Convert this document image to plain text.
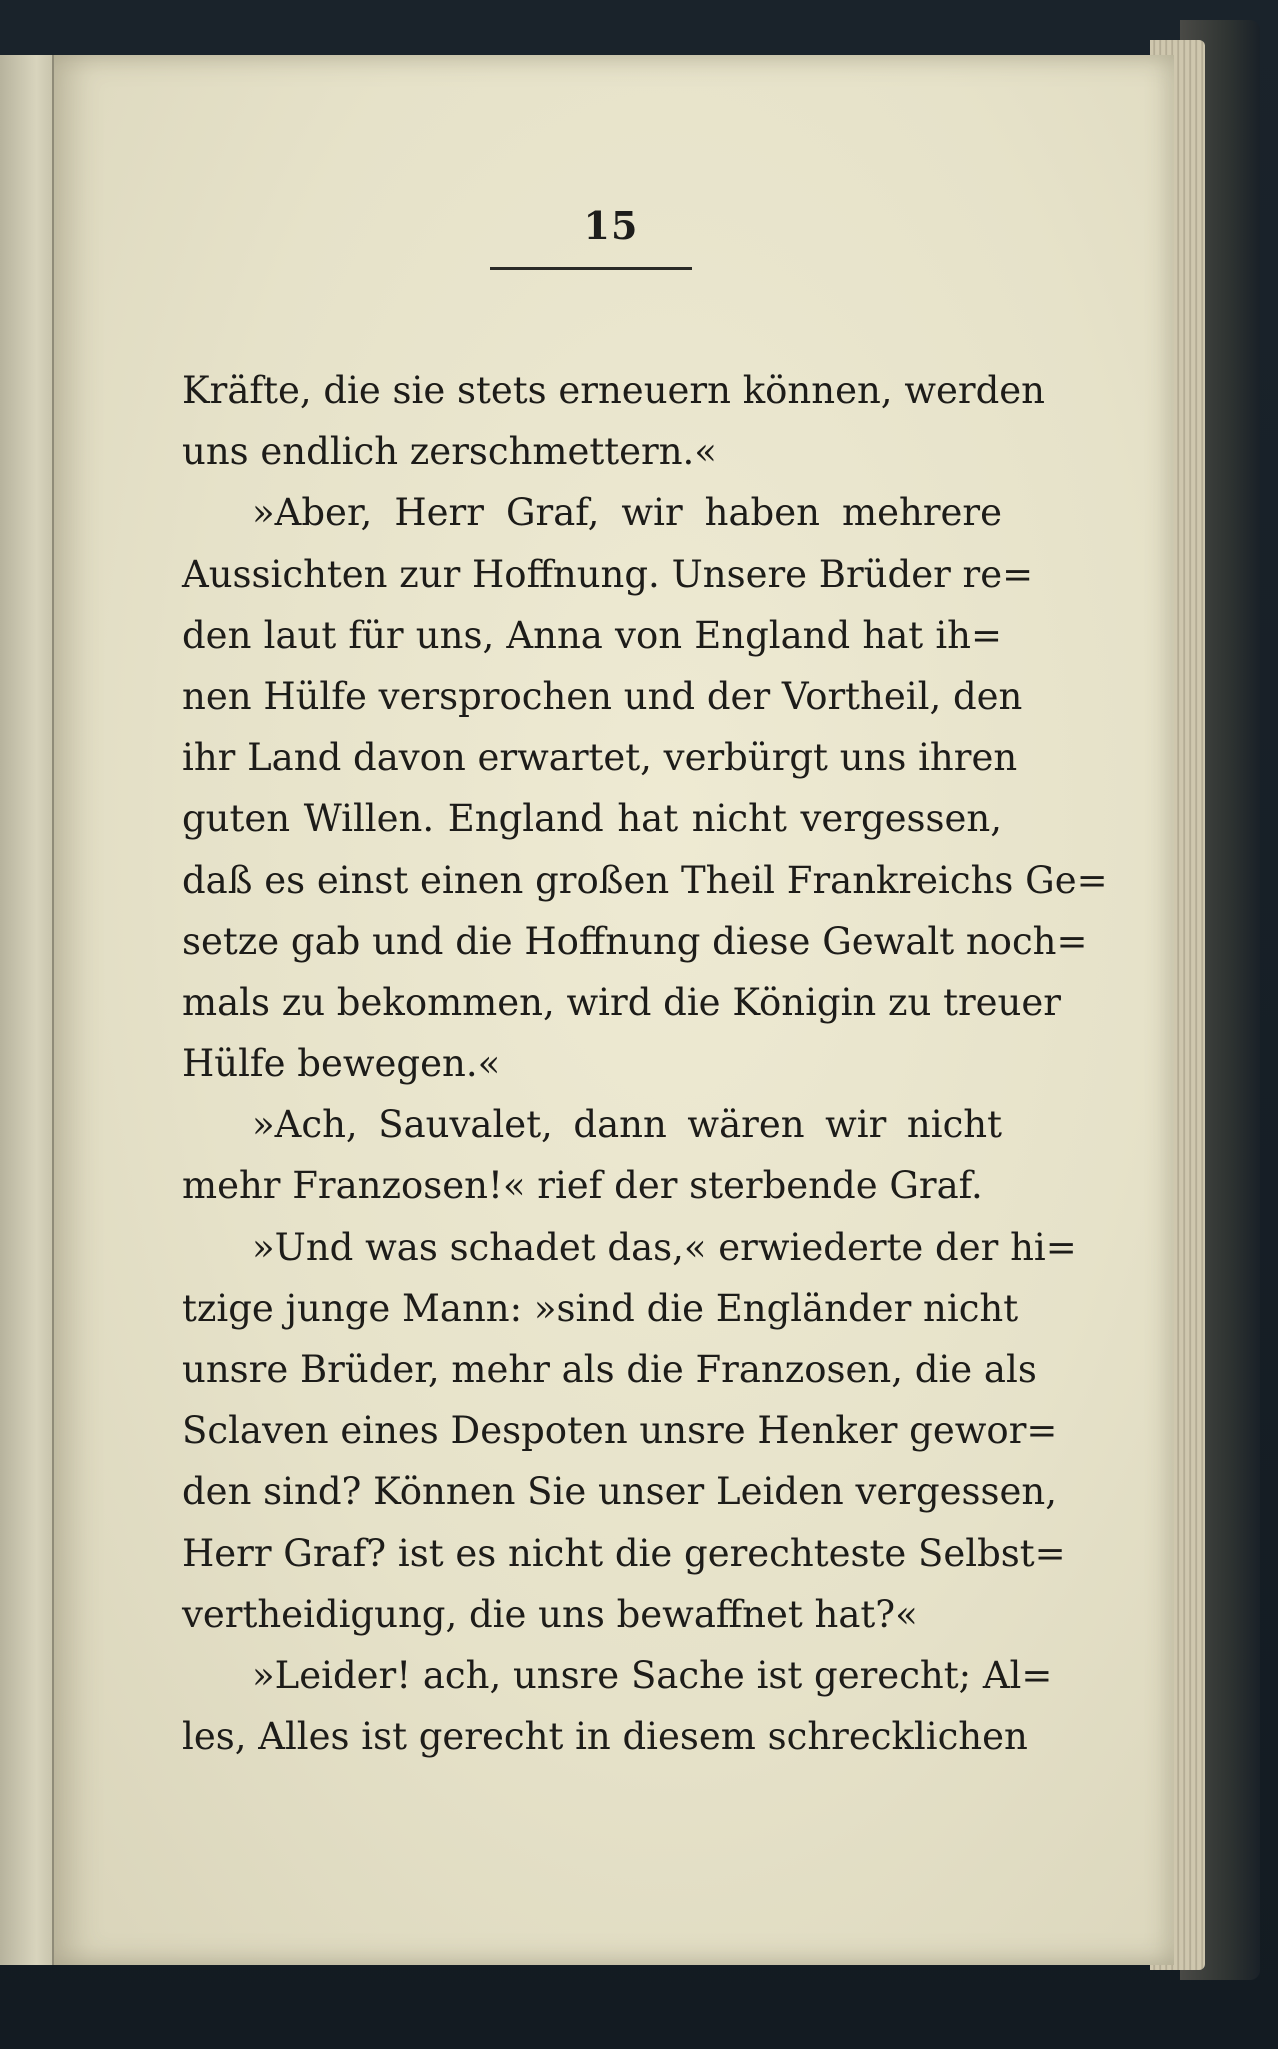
15
Kräfte, die sie stets erneuern können, werden
uns endlich zerschmettern.«
»Aber, Herr Graf, wir haben mehrere
Aussichten zur Hoffnung. Unsere Brüder re=
den laut für uns, Anna von England hat ih=
nen Hülfe versprochen und der Vortheil, den
ihr Land davon erwartet, verbürgt uns ihren
guten Willen. England hat nicht vergessen,
daß es einst einen großen Theil Frankreichs Ge=
setze gab und die Hoffnung diese Gewalt noch=
mals zu bekommen, wird die Königin zu treuer
Hülfe bewegen.«
»Ach, Sauvalet, dann wären wir nicht
mehr Franzosen!« rief der sterbende Graf.
»Und was schadet das,« erwiederte der hi=
tzige junge Mann: »sind die Engländer nicht
unsre Brüder, mehr als die Franzosen, die als
Sclaven eines Despoten unsre Henker gewor=
den sind? Können Sie unser Leiden vergessen,
Herr Graf? ist es nicht die gerechteste Selbst=
vertheidigung, die uns bewaffnet hat?«
»Leider! ach, unsre Sache ist gerecht; Al=
les, Alles ist gerecht in diesem schrecklichen
